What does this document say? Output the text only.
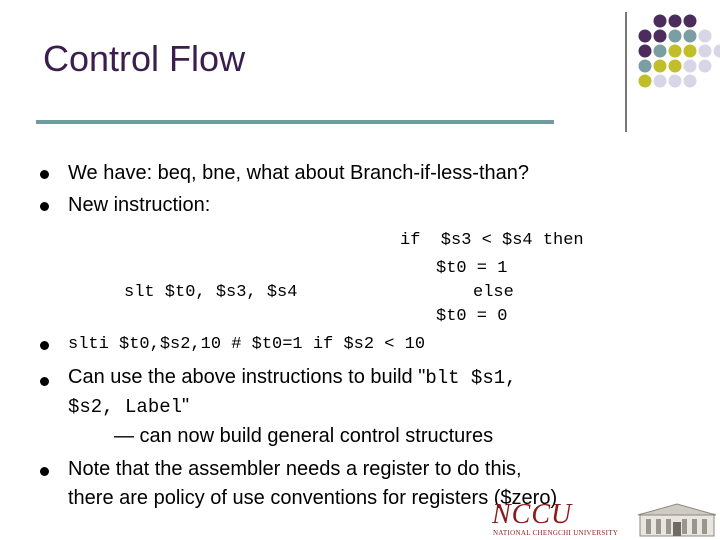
Control Flow
We have: beq, bne, what about Branch-if-less-than?
New instruction:
if  $s3 < $s4 then
$t0 = 1
else
$t0 = 0
slt $t0, $s3, $s4
slti $t0,$s2,10 # $t0=1 if $s2 < 10
Can use the above instructions to build "blt $s1,
$s2, Label"
— can now build general control structures
Note that the assembler needs a register to do this,
there are policy of use conventions for registers ($zero)
NCCU
NATIONAL CHENGCHI UNIVERSITY
